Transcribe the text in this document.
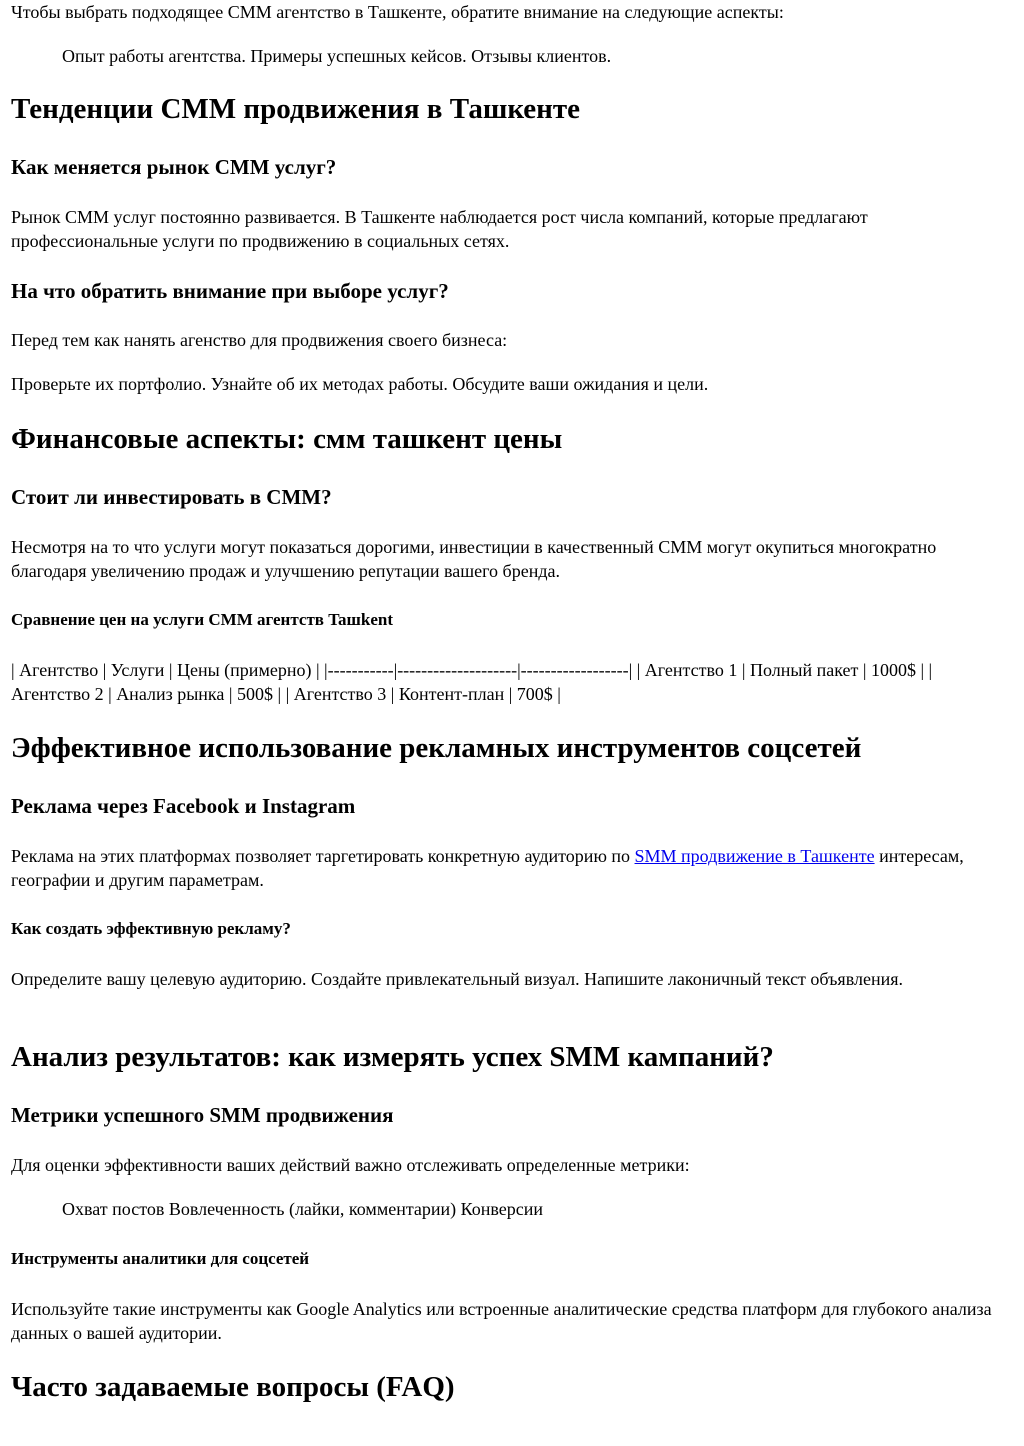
Чтобы выбрать подходящее СММ агентство в Ташкенте, обратите внимание на следующие аспекты:

Опыт работы агентства. Примеры успешных кейсов. Отзывы клиентов.

Тенденции СММ продвижения в Ташкенте
Как меняется рынок СММ услуг?

Рынок СММ услуг постоянно развивается. В Ташкенте наблюдается рост числа компаний, которые предлагают профессиональные услуги по продвижению в социальных сетях.

На что обратить внимание при выборе услуг?

Перед тем как нанять агенство для продвижения своего бизнеса:

Проверьте их портфолио. Узнайте об их методах работы. Обсудите ваши ожидания и цели.

Финансовые аспекты: смм ташкент цены
Стоит ли инвестировать в СММ?

Несмотря на то что услуги могут показаться дорогими, инвестиции в качественный СММ могут окупиться многократно благодаря увеличению продаж и улучшению репутации вашего бренда.

Сравнение цен на услуги СММ агентств Taшkent

| Агентство | Услуги | Цены (примерно) | |-----------|--------------------|------------------| | Агентство 1 | Полный пакет | 1000$ | | Агентство 2 | Анализ рынка | 500$ | | Агентство 3 | Контент-план | 700$ |

Эффективное использование рекламных инструментов соцсетей
Реклама через Facebook и Instagram

Реклама на этих платформах позволяет таргетировать конкретную аудиторию по SMM продвижение в Ташкенте интересам, географии и другим параметрам.

Как создать эффективную рекламу?

Определите вашу целевую аудиторию. Создайте привлекательный визуал. Напишите лаконичный текст объявления.

Анализ результатов: как измерять успех SMM кампаний?
Метрики успешного SMM продвижения

Для оценки эффективности ваших действий важно отслеживать определенные метрики:

Охват постов Вовлеченность (лайки, комментарии) Конверсии

Инструменты аналитики для соцсетей

Используйте такие инструменты как Google Analytics или встроенные аналитические средства платформ для глубокого анализа данных о вашей аудитории.

Часто задаваемые вопросы (FAQ)
